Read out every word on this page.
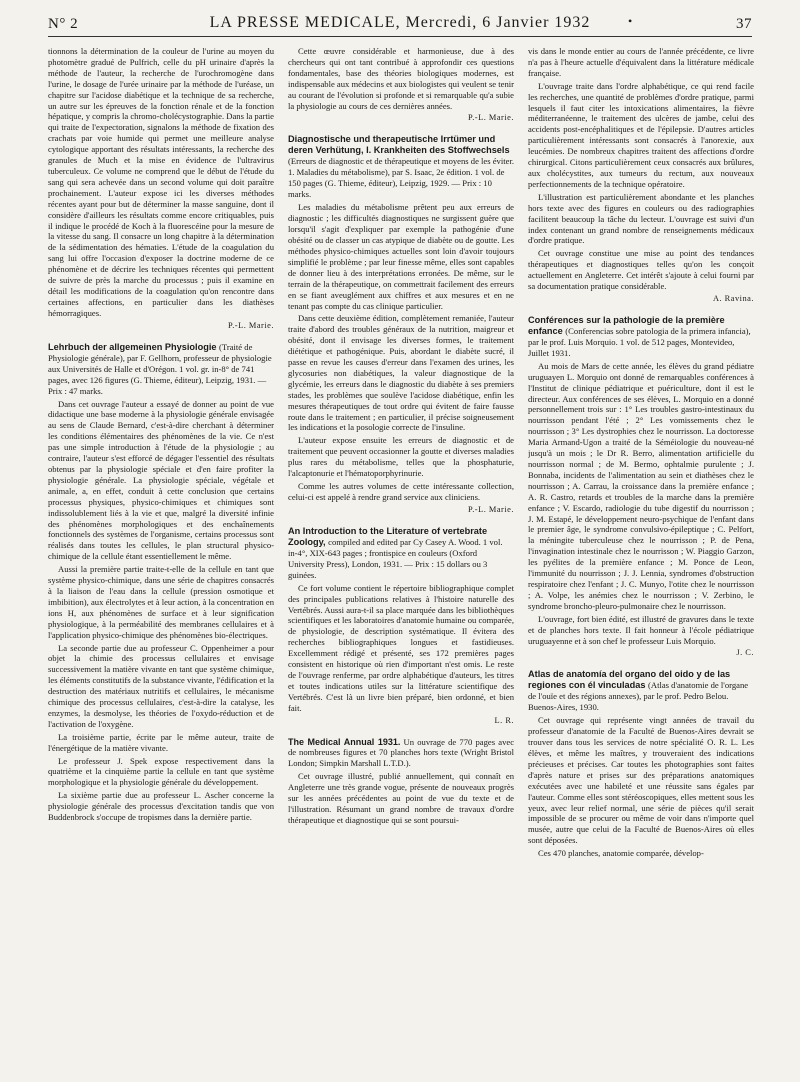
N° 2	LA PRESSE MEDICALE, Mercredi, 6 Janvier 1932	•	37

tionnons la détermination de la couleur de l'urine au moyen du photomètre gradué de Pulfrich, celle du pH urinaire d'après la méthode de l'auteur, la recherche de l'urochromogène dans l'urine, le dosage de l'urée urinaire par la méthode de l'uréase, un chapitre sur l'acidose diabétique et la technique de sa recherche, un autre sur les épreuves de la fonction rénale et de la fonction hépatique, y compris la chromo-cholécystographie. Dans la partie qui traite de l'expectoration, signalons la méthode de fixation des crachats par voie humide qui permet une meilleure analyse cytologique apportant des résultats intéressants, la recherche des granules de Much et la mise en évidence de l'ultravirus tuberculeux. Ce volume ne comprend que le début de l'étude du sang qui sera achevée dans un second volume qui doit paraître prochainement. L'auteur expose ici les diverses méthodes récentes ayant pour but de déterminer la masse sanguine, dont il considère d'ailleurs les résultats comme encore critiquables, puis il indique le procédé de Koch à la fluorescéine pour la mesure de la vitesse du sang. Il consacre un long chapitre à la détermination de la sédimentation des hématies. L'étude de la coagulation du sang lui offre l'occasion d'exposer la doctrine moderne de ce phénomène et de décrire les techniques récentes qui permettent de suivre de près la marche du processus ; puis il examine en détail les modifications de la coagulation qu'on rencontre dans certaines affections, en particulier dans les diathèses hémorragiques.

P.-L. Marie.
Lehrbuch der allgemeinen Physiologie (Traité de Physiologie générale), par F. Gellhorn, professeur de physiologie aux Universités de Halle et d'Orégon. 1 vol. gr. in-8° de 741 pages, avec 126 figures (G. Thieme, éditeur), Leipzig, 1931. — Prix : 47 marks.

Dans cet ouvrage l'auteur a essayé de donner au point de vue didactique une base moderne à la physiologie générale envisagée au sens de Claude Bernard, c'est-à-dire cherchant à déterminer les conditions élémentaires des phénomènes de la vie. Ce n'est pas une simple introduction à l'étude de la physiologie ; au contraire, l'auteur s'est efforcé de dégager l'essentiel des résultats obtenus par la physiologie spéciale et d'en faire profiter la physiologie générale. La physiologie spéciale, végétale et animale, a, en effet, conduit à cette conclusion que certains processus physiques, physico-chimiques et chimiques sont indissolublement liés à la vie et que, malgré la diversité infinie des phénomènes morphologiques et des enchaînements fonctionnels des systèmes de l'organisme, certains processus sont réalisés dans toutes les cellules, le plan structural physico-chimique de la cellule étant essentiellement le même.

Aussi la première partie traite-t-elle de la cellule en tant que système physico-chimique, dans une série de chapitres consacrés à la liaison de l'eau dans la cellule (pression osmotique et imbibition), aux électrolytes et à leur action, à la concentration en ions H, aux phénomènes de surface et à leur signification physiologique, à la perméabilité des membranes cellulaires et à l'application physico-chimique des phénomènes bio-électriques.

La seconde partie due au professeur C. Oppenheimer a pour objet la chimie des processus cellulaires et envisage successivement la matière vivante en tant que système chimique, les éléments constitutifs de la substance vivante, l'édification et la destruction des matériaux nutritifs et cellulaires, le mécanisme chimique des processus cellulaires, c'est-à-dire la catalyse, les enzymes, la desmolyse, les théories de l'oxydo-réduction et de l'activation de l'oxygène.

La troisième partie, écrite par le même auteur, traite de l'énergétique de la matière vivante.

Le professeur J. Spek expose respectivement dans la quatrième et la cinquième partie la cellule en tant que système morphologique et la physiologie générale du développement.

La sixième partie due au professeur L. Ascher concerne la physiologie générale des processus d'excitation tandis que von Buddenbrock s'occupe de tropismes dans la dernière partie.

Cette œuvre considérable et harmonieuse, due à des chercheurs qui ont tant contribué à approfondir ces questions fondamentales, base des théories biologiques modernes, est indispensable aux médecins et aux biologistes qui veulent se tenir au courant de l'évolution si profonde et si remarquable qu'a subie la physiologie au cours de ces dernières années.

P.-L. Marie.
Diagnostische und therapeutische Irrtümer und deren Verhütung, I. Krankheiten des Stoffwechsels (Erreurs de diagnostic et de thérapeutique et moyens de les éviter. 1. Maladies du métabolisme), par S. Isaac, 2e édition. 1 vol. de 150 pages (G. Thieme, éditeur), Leipzig, 1929. — Prix : 10 marks.

Les maladies du métabolisme prêtent peu aux erreurs de diagnostic ; les difficultés diagnostiques ne surgissent guère que lorsqu'il s'agit d'expliquer par exemple la pathogénie d'une obésité ou de classer un cas atypique de diabète ou de goutte. Les méthodes physico-chimiques actuelles sont loin d'avoir toujours simplifié le problème ; par leur finesse même, elles sont capables de donner lieu à des interprétations erronées. De même, sur le terrain de la thérapeutique, on commettrait facilement des erreurs en se fiant aveuglément aux chiffres et aux mesures et en ne tenant pas compte du cas clinique particulier.

Dans cette deuxième édition, complètement remaniée, l'auteur traite d'abord des troubles généraux de la nutrition, maigreur et obésité, dont il envisage les diverses formes, le traitement diététique et pathogénique. Puis, abordant le diabète sucré, il passe en revue les causes d'erreur dans l'examen des urines, les glycosuries non diabétiques, la valeur diagnostique de la glycémie, les erreurs dans le diagnostic du diabète à ses premiers stades, les problèmes que soulève l'acidose diabétique, enfin les mesures thérapeutiques de tout ordre qui évitent de faire fausse route dans le traitement ; en particulier, il précise soigneusement les indications et la posologie correcte de l'insuline.

L'auteur expose ensuite les erreurs de diagnostic et de traitement que peuvent occasionner la goutte et diverses maladies plus rares du métabolisme, telles que la phosphaturie, l'alcaptonurie et l'hématoporphyrinurie.

Comme les autres volumes de cette intéressante collection, celui-ci est appelé à rendre grand service aux cliniciens.

P.-L. Marie.
An Introduction to the Literature of vertebrate Zoology, compiled and edited par Cy Casey A. Wood. 1 vol. in-4°, XIX-643 pages ; frontispice en couleurs (Oxford University Press), London, 1931. — Prix : 15 dollars ou 3 guinées.

Ce fort volume contient le répertoire bibliographique complet des principales publications relatives à l'histoire naturelle des Vertébrés. Aussi aura-t-il sa place marquée dans les bibliothèques scientifiques et les laboratoires d'anatomie humaine ou comparée, de physiologie, de description systématique. Il évitera des recherches bibliographiques longues et fastidieuses. Excellemment rédigé et présenté, ses 172 premières pages consistent en historique où rien d'important n'est omis. Le reste de l'ouvrage renferme, par ordre alphabétique d'auteurs, les titres et toutes indications utiles sur la littérature scientifique des Vertébrés. C'est là un livre bien préparé, bien ordonné, et bien fait.

L. R.

The Medical Annual 1931. Un ouvrage de 770 pages avec de nombreuses figures et 70 planches hors texte (Wright Bristol London; Simpkin Marshall L.T.D.).

Cet ouvrage illustré, publié annuellement, qui connaît en Angleterre une très grande vogue, présente de nouveaux progrès sur les années précédentes au point de vue du texte et de l'illustration. Résumant un grand nombre de travaux d'ordre thérapeutique et diagnostique qui se sont poursui-

vis dans le monde entier au cours de l'année précédente, ce livre n'a pas à l'heure actuelle d'équivalent dans la littérature médicale française.

L'ouvrage traite dans l'ordre alphabétique, ce qui rend facile les recherches, une quantité de problèmes d'ordre pratique, parmi lesquels il faut citer les intoxications alimentaires, la fièvre méditerranéenne, le traitement des ulcères de jambe, celui des accidents post-encéphalitiques et de l'épilepsie. D'autres articles particulièrement intéressants sont consacrés à l'anorexie, aux leucémies. De nombreux chapitres traitent des affections d'ordre chirurgical. Citons particulièrement ceux consacrés aux brûlures, aux cholécystites, aux tumeurs du rectum, aux nouveaux perfectionnements de la technique opératoire.

L'illustration est particulièrement abondante et les planches hors texte avec des figures en couleurs ou des radiographies facilitent beaucoup la tâche du lecteur. L'ouvrage est suivi d'un index contenant un grand nombre de renseignements médicaux d'ordre pratique.

Cet ouvrage constitue une mise au point des tendances thérapeutiques et diagnostiques telles qu'on les conçoit actuellement en Angleterre. Cet intérêt s'ajoute à celui fourni par sa documentation pratique considérable.

A. Ravina.
Conférences sur la pathologie de la première enfance (Conferencias sobre patologia de la primera infancia), par le prof. Luis Morquio. 1 vol. de 512 pages, Montevideo, Juillet 1931.

Au mois de Mars de cette année, les élèves du grand pédiatre uruguayen L. Morquio ont donné de remarquables conférences à l'Institut de clinique pédiatrique et puériculture, dont il est le directeur. Aux conférences de ses élèves, L. Morquio en a donné personnellement trois sur : 1° Les troubles gastro-intestinaux du nourrisson pendant l'été ; 2° Les vomissements chez le nourrisson ; 3° Les dystrophies chez le nourrisson. La doctoresse Maria Armand-Ugon a traité de la Séméiologie du nouveau-né jusqu'à un mois ; le Dr R. Berro, alimentation artificielle du nourrisson normal ; de M. Bermo, ophtalmie purulente ; J. Bonnaba, incidents de l'alimentation au sein et diathèses chez le nourrisson ; A. Carrau, la croissance dans la première enfance ; A. R. Castro, retards et troubles de la marche dans la première enfance ; V. Escardo, radiologie du tube digestif du nourrisson ; J. M. Estapé, le développement neuro-psychique de l'enfant dans le premier âge, le syndrome convulsivo-épileptique ; C. Pelfort, la méningite tuberculeuse chez le nourrisson ; P. de Pena, l'invagination intestinale chez le nourrisson ; W. Piaggio Garzon, les pyélites de la première enfance ; M. Ponce de Leon, l'immunité du nourrisson ; J. J. Lennia, syndromes d'obstruction respiratoire chez l'enfant ; J. C. Munyo, l'otite chez le nourrisson ; A. Volpe, les anémies chez le nourrisson ; V. Zerbino, le syndrome broncho-pleuro-pulmonaire chez le nourrisson.

L'ouvrage, fort bien édité, est illustré de gravures dans le texte et de planches hors texte. Il fait honneur à l'école pédiatrique uruguayenne et à son chef le professeur Luis Morquio.

J. C.
Atlas de anatomía del organo del oido y de las regiones con él vinculadas (Atlas d'anatomie de l'organe de l'ouïe et des régions annexes), par le prof. Pedro Belou. Buenos-Aires, 1930.

Cet ouvrage qui représente vingt années de travail du professeur d'anatomie de la Faculté de Buenos-Aires devrait se trouver dans tous les services de notre spécialité O. R. L. Les élèves, et même les maîtres, y trouveraient des indications précieuses et précises. Car toutes les photographies sont faites d'après nature et prises sur des préparations anatomiques exécutées avec une habileté et une réussite sans égales par l'auteur. Comme elles sont stéréoscopiques, elles mettent sous les yeux, avec leur relief normal, une série de pièces qu'il serait impossible de se procurer ou même de voir dans n'importe quel musée, autre que celui de la Faculté de Buenos-Aires où elles sont déposées.

Ces 470 planches, anatomie comparée, dévelop-
